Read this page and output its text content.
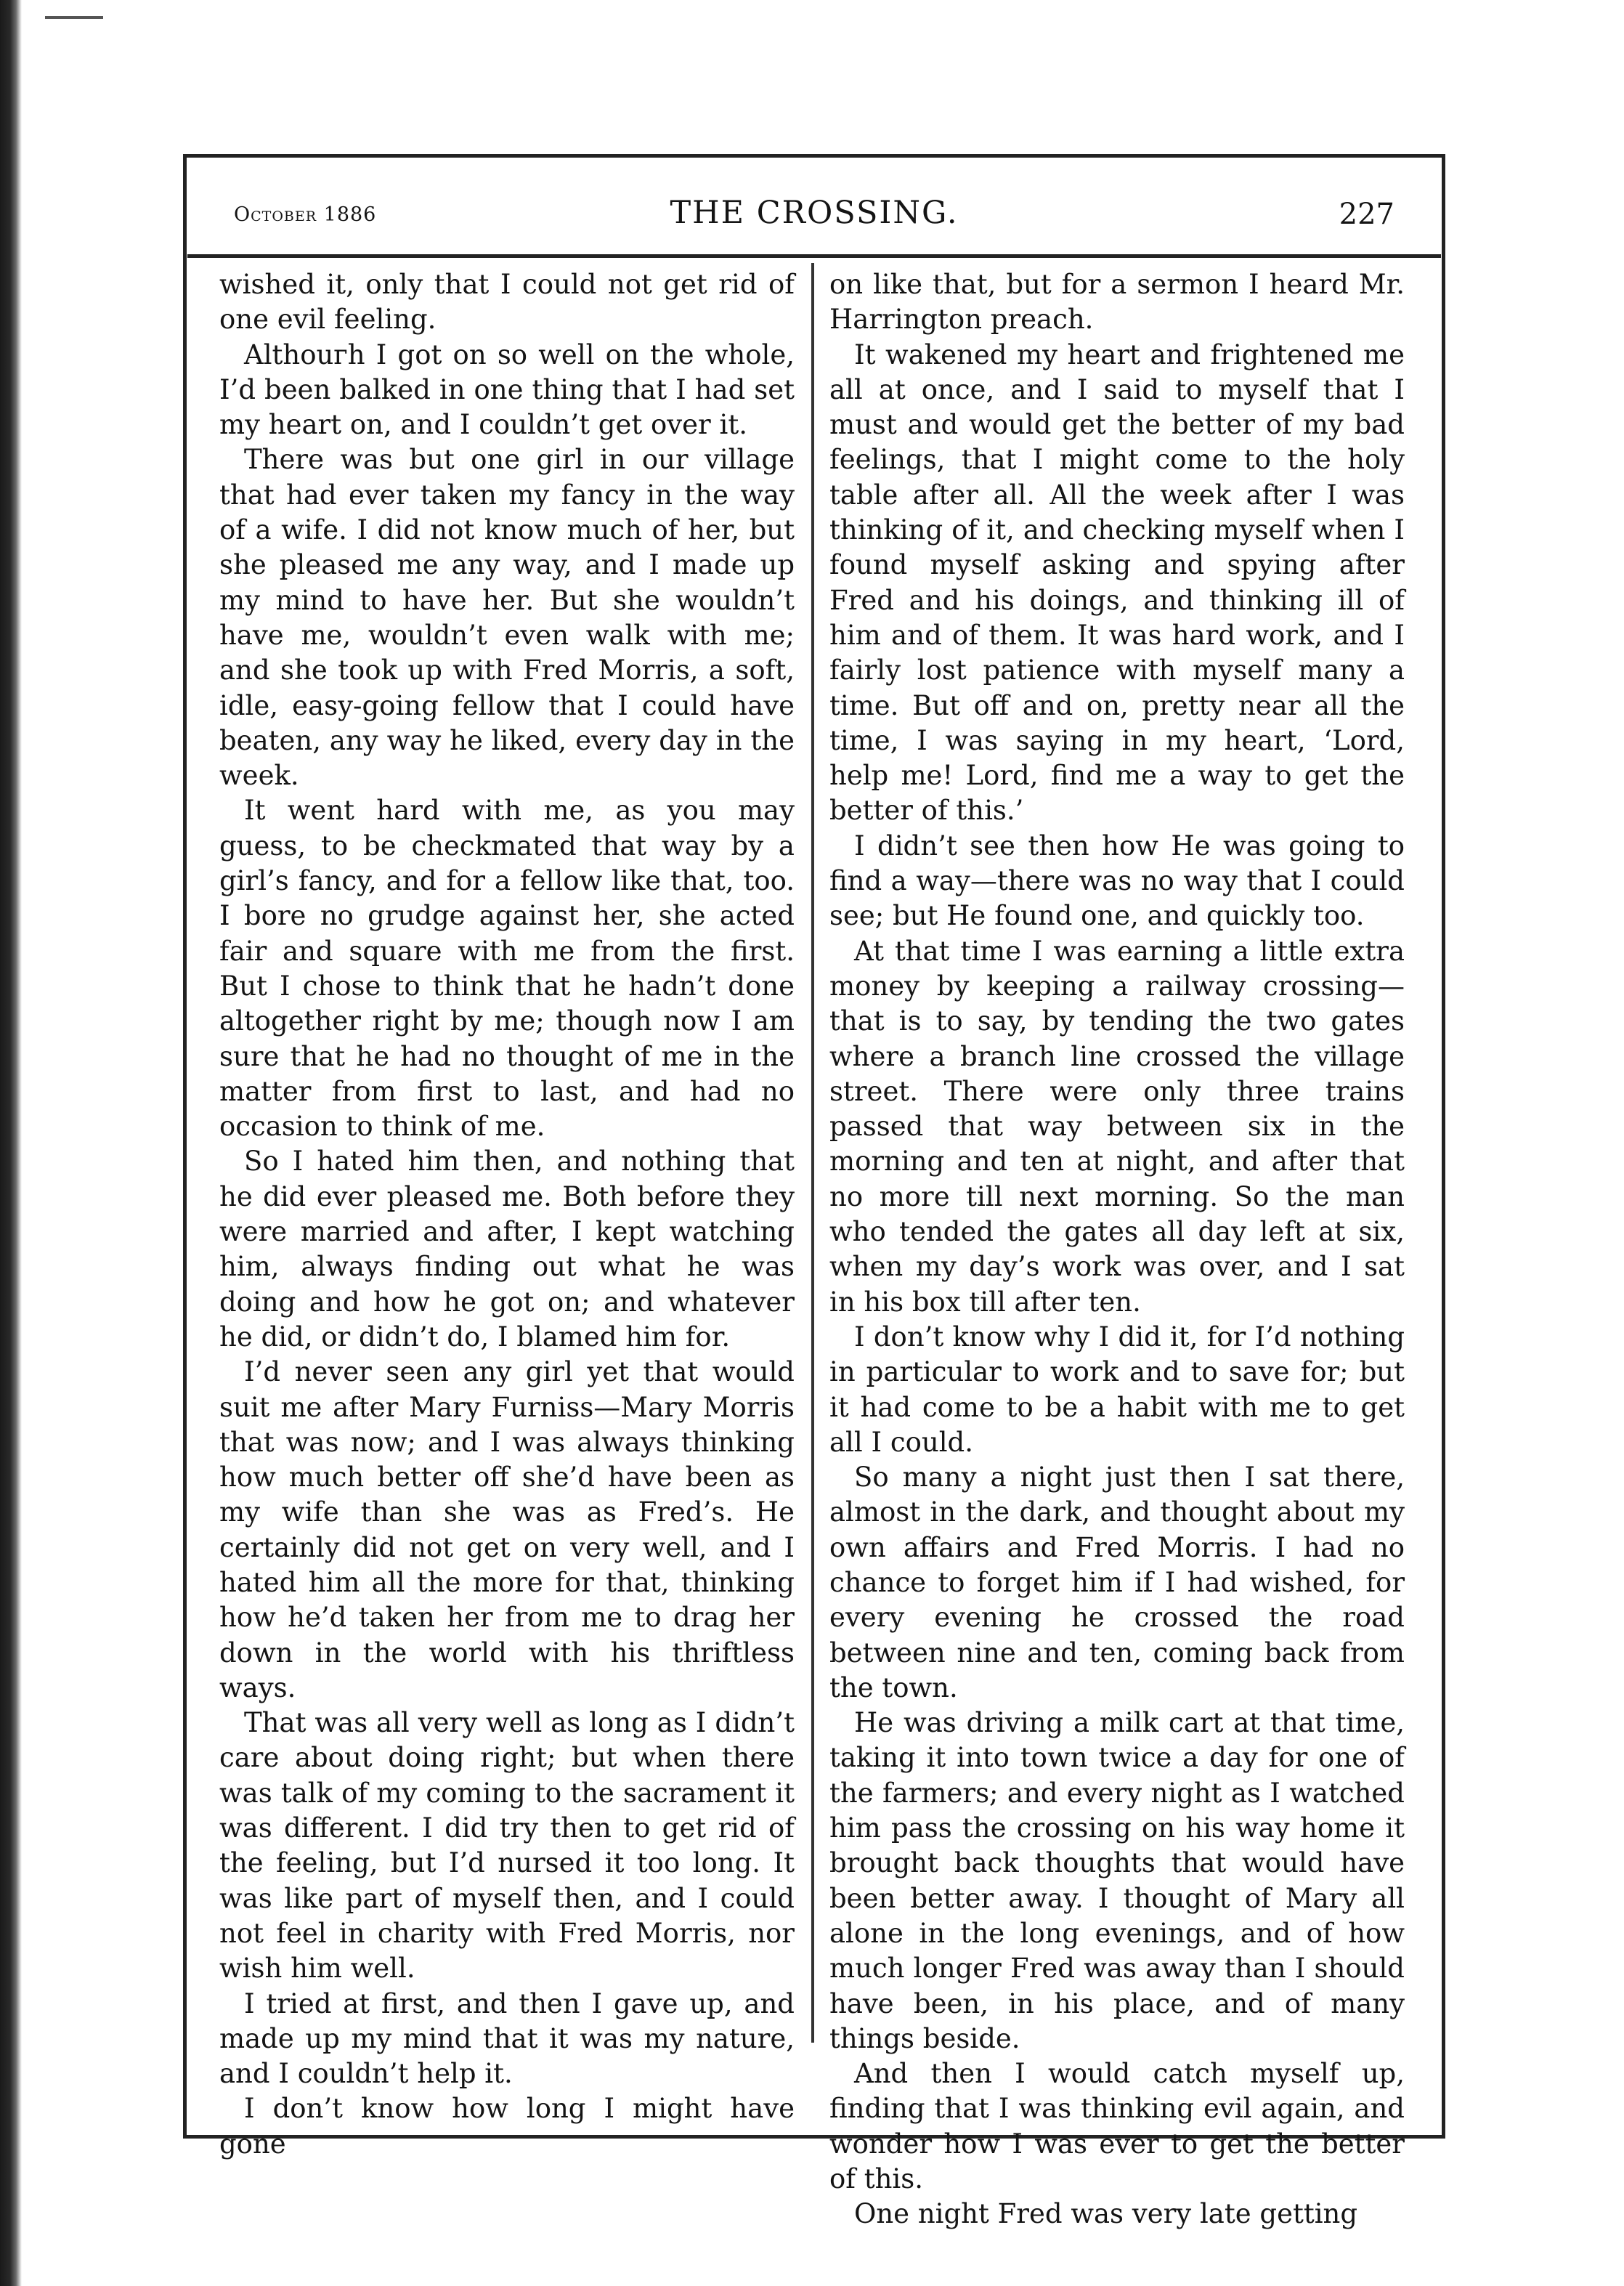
October 1886	THE CROSSING.	227

wished it, only that I could not get rid of one evil feeling.

Althouгh I got on so well on the whole, I’d been balked in one thing that I had set my heart on, and I couldn’t get over it.

There was but one girl in our village that had ever taken my fancy in the way of a wife. I did not know much of her, but she pleased me any way, and I made up my mind to have her. But she wouldn’t have me, wouldn’t even walk with me; and she took up with Fred Morris, a soft, idle, easy-going fellow that I could have beaten, any way he liked, every day in the week.

It went hard with me, as you may guess, to be checkmated that way by a girl’s fancy, and for a fellow like that, too. I bore no grudge against her, she acted fair and square with me from the first. But I chose to think that he hadn’t done altogether right by me; though now I am sure that he had no thought of me in the matter from first to last, and had no occasion to think of me.

So I hated him then, and nothing that he did ever pleased me. Both before they were married and after, I kept watching him, always finding out what he was doing and how he got on; and whatever he did, or didn’t do, I blamed him for.

I’d never seen any girl yet that would suit me after Mary Furniss—Mary Morris that was now; and I was always thinking how much better off she’d have been as my wife than she was as Fred’s. He certainly did not get on very well, and I hated him all the more for that, thinking how he’d taken her from me to drag her down in the world with his thriftless ways.

That was all very well as long as I didn’t care about doing right; but when there was talk of my coming to the sacrament it was different. I did try then to get rid of the feeling, but I’d nursed it too long. It was like part of myself then, and I could not feel in charity with Fred Morris, nor wish him well.

I tried at first, and then I gave up, and made up my mind that it was my nature, and I couldn’t help it.

I don’t know how long I might have gone

on like that, but for a sermon I heard Mr. Harrington preach.

It wakened my heart and frightened me all at once, and I said to myself that I must and would get the better of my bad feelings, that I might come to the holy table after all. All the week after I was thinking of it, and checking myself when I found myself asking and spying after Fred and his doings, and thinking ill of him and of them. It was hard work, and I fairly lost patience with myself many a time. But off and on, pretty near all the time, I was saying in my heart, ‘Lord, help me! Lord, find me a way to get the better of this.’

I didn’t see then how He was going to find a way—there was no way that I could see; but He found one, and quickly too.

At that time I was earning a little extra money by keeping a railway crossing—that is to say, by tending the two gates where a branch line crossed the village street. There were only three trains passed that way between six in the morning and ten at night, and after that no more till next morning. So the man who tended the gates all day left at six, when my day’s work was over, and I sat in his box till after ten.

I don’t know why I did it, for I’d nothing in particular to work and to save for; but it had come to be a habit with me to get all I could.

So many a night just then I sat there, almost in the dark, and thought about my own affairs and Fred Morris. I had no chance to forget him if I had wished, for every evening he crossed the road between nine and ten, coming back from the town.

He was driving a milk cart at that time, taking it into town twice a day for one of the farmers; and every night as I watched him pass the crossing on his way home it brought back thoughts that would have been better away. I thought of Mary all alone in the long evenings, and of how much longer Fred was away than I should have been, in his place, and of many things beside.

And then I would catch myself up, finding that I was thinking evil again, and wonder how I was ever to get the better of this.

One night Fred was very late getting
